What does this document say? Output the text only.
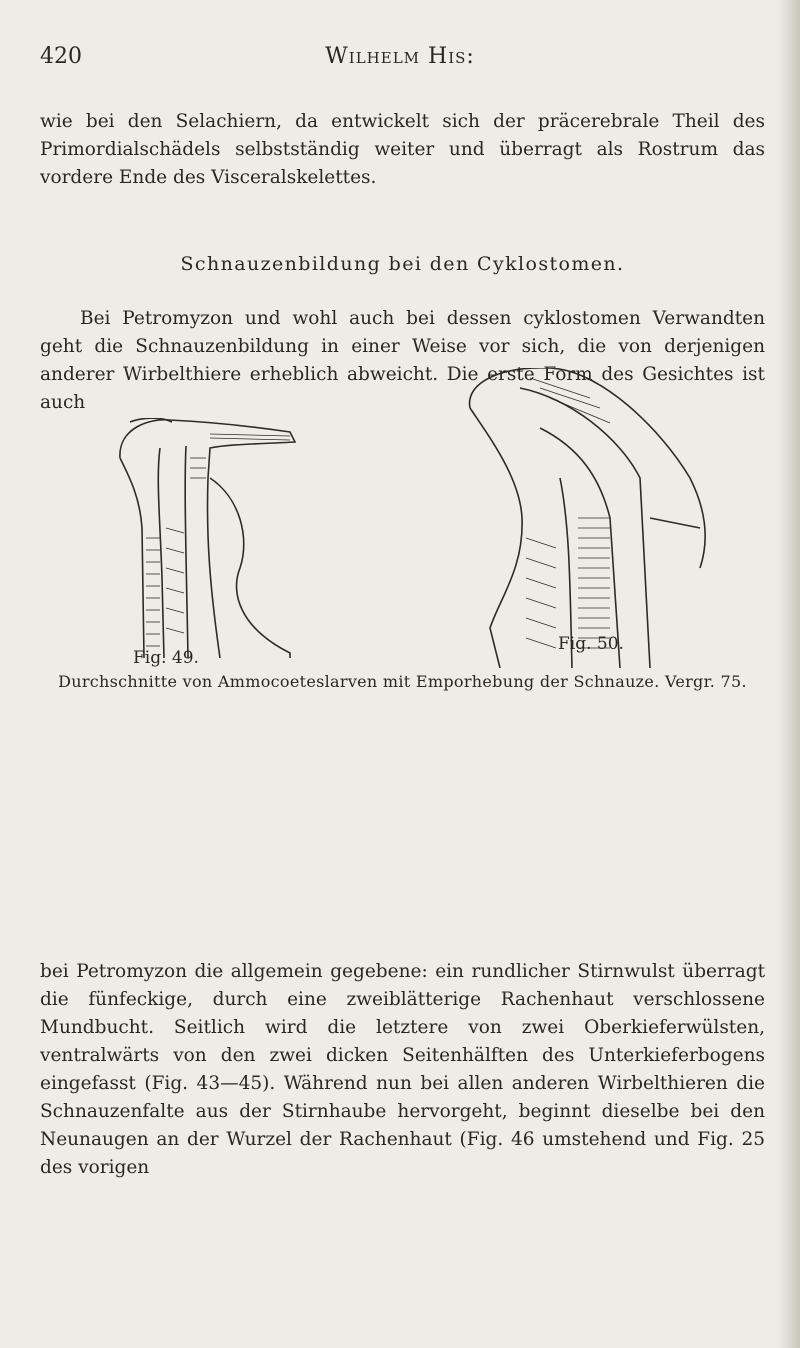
420	Wilhelm His:

wie bei den Selachiern, da entwickelt sich der präcerebrale Theil des Primordialschädels selbstständig weiter und überragt als Rostrum das vordere Ende des Visceralskelettes.

Schnauzenbildung bei den Cyklostomen.

Bei Petromyzon und wohl auch bei dessen cyklostomen Verwandten geht die Schnauzenbildung in einer Weise vor sich, die von derjenigen anderer Wirbelthiere erheblich abweicht. Die erste Form des Gesichtes ist auch

Fig. 49.
Fig. 50.
Durchschnitte von Ammocoeteslarven mit Emporhebung der Schnauze. Vergr. 75.

bei Petromyzon die allgemein gegebene: ein rundlicher Stirnwulst überragt die fünfeckige, durch eine zweiblätterige Rachenhaut verschlossene Mundbucht. Seitlich wird die letztere von zwei Oberkieferwülsten, ventralwärts von den zwei dicken Seitenhälften des Unterkieferbogens eingefasst (Fig. 43—45). Während nun bei allen anderen Wirbelthieren die Schnauzenfalte aus der Stirnhaube hervorgeht, beginnt dieselbe bei den Neunaugen an der Wurzel der Rachenhaut (Fig. 46 umstehend und Fig. 25 des vorigen
